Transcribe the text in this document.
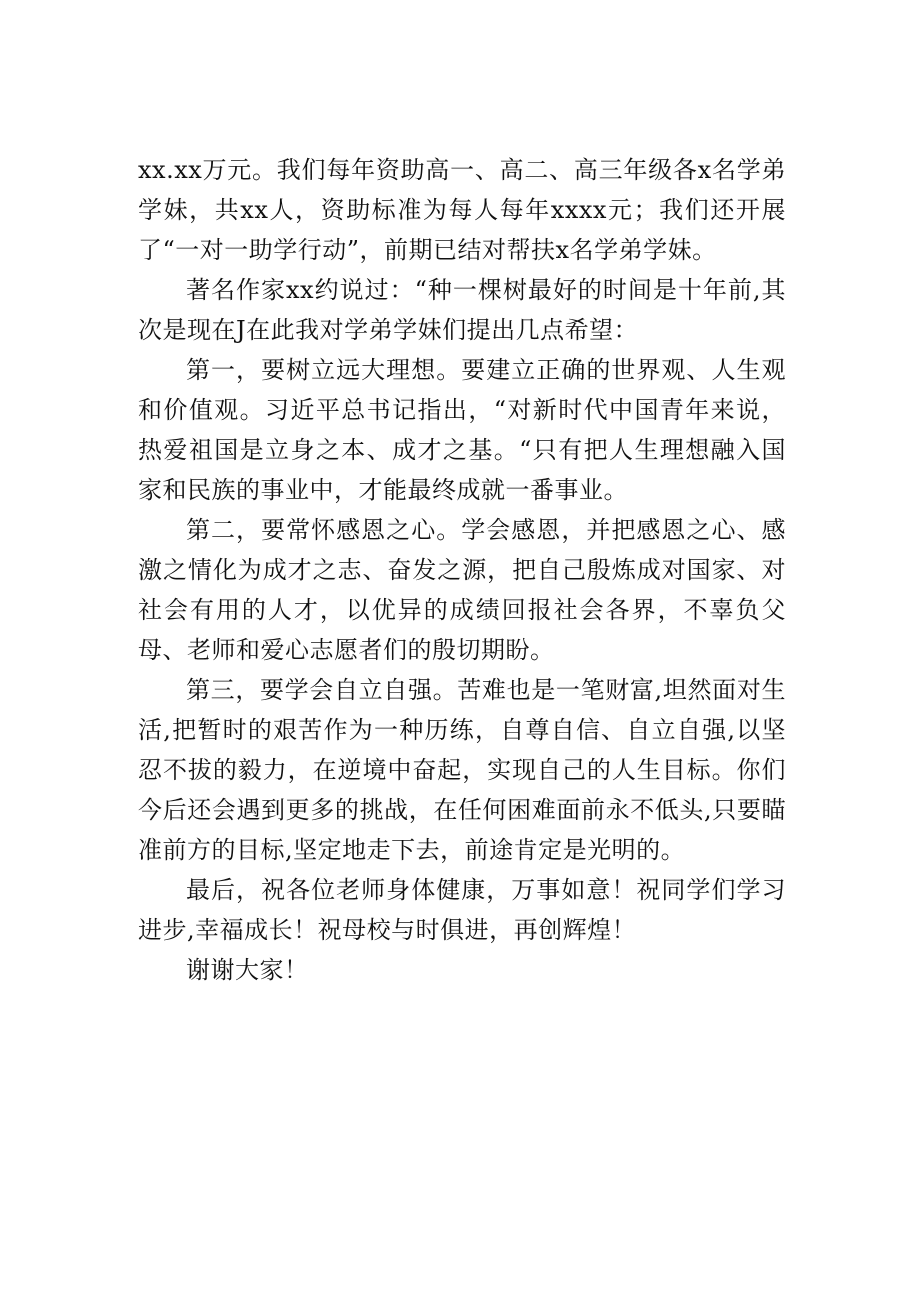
xx.xx万元。我们每年资助高一、高二、高三年级各x名学弟学妹，共xx人，资助标准为每人每年xxxx元；我们还开展了“一对一助学行动”，前期已结对帮扶x名学弟学妹。

著名作家xx约说过：“种一棵树最好的时间是十年前,其次是现在J在此我对学弟学妹们提出几点希望：

第一，要树立远大理想。要建立正确的世界观、人生观和价值观。习近平总书记指出，“对新时代中国青年来说，热爱祖国是立身之本、成才之基。“只有把人生理想融入国家和民族的事业中，才能最终成就一番事业。

第二，要常怀感恩之心。学会感恩，并把感恩之心、感激之情化为成才之志、奋发之源，把自己殷炼成对国家、对社会有用的人才，以优异的成绩回报社会各界，不辜负父母、老师和爱心志愿者们的殷切期盼。

第三，要学会自立自强。苦难也是一笔财富,坦然面对生活,把暂时的艰苦作为一种历练，自尊自信、自立自强,以坚忍不拔的毅力，在逆境中奋起，实现自己的人生目标。你们今后还会遇到更多的挑战，在任何困难面前永不低头,只要瞄准前方的目标,坚定地走下去，前途肯定是光明的。

最后，祝各位老师身体健康，万事如意！祝同学们学习进步,幸福成长！祝母校与时俱进，再创辉煌！

谢谢大家！
